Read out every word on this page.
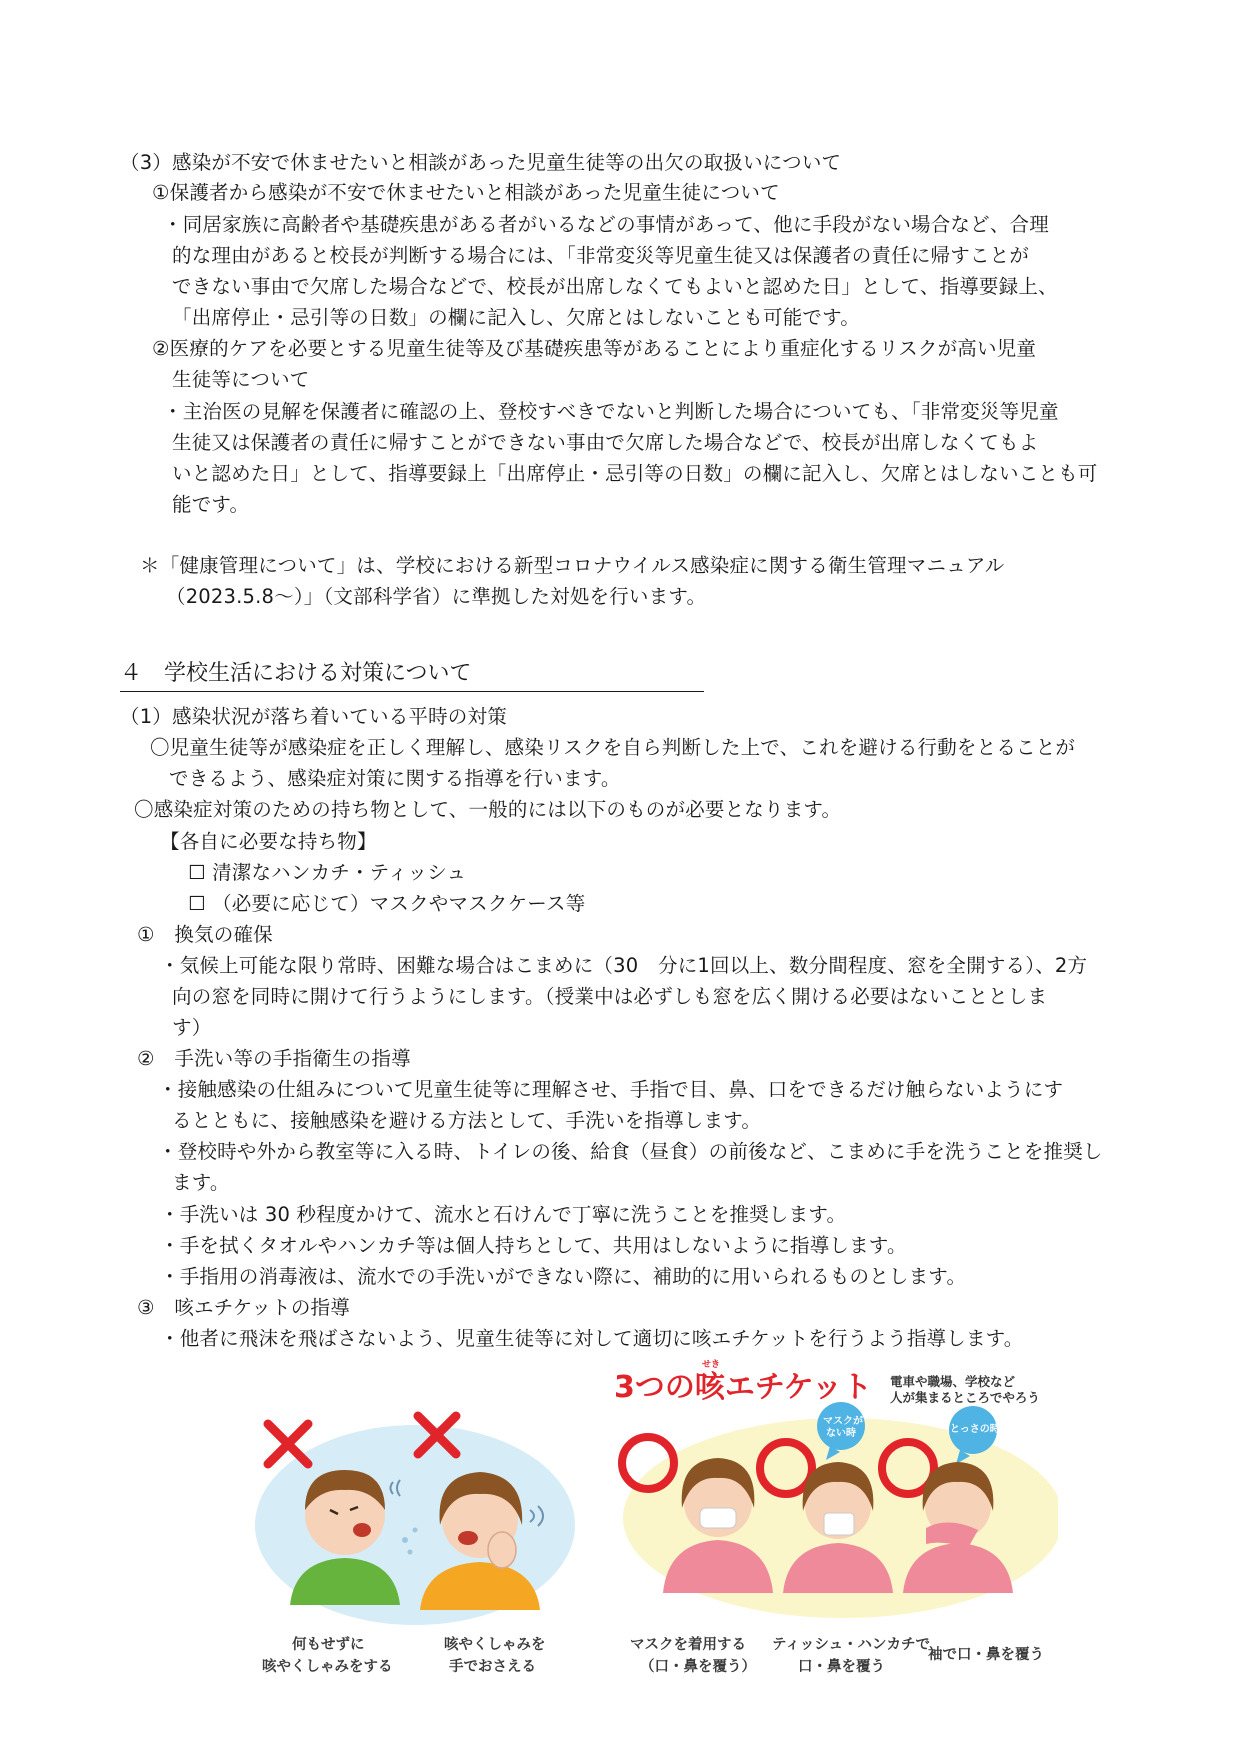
（3）感染が不安で休ませたいと相談があった児童生徒等の出欠の取扱いについて
①保護者から感染が不安で休ませたいと相談があった児童生徒について
・同居家族に高齢者や基礎疾患がある者がいるなどの事情があって、他に手段がない場合など、合理
的な理由があると校長が判断する場合には、「非常変災等児童生徒又は保護者の責任に帰すことが
できない事由で欠席した場合などで、校長が出席しなくてもよいと認めた日」として、指導要録上、
「出席停止・忌引等の日数」の欄に記入し、欠席とはしないことも可能です。
②医療的ケアを必要とする児童生徒等及び基礎疾患等があることにより重症化するリスクが高い児童
生徒等について
・主治医の見解を保護者に確認の上、登校すべきでないと判断した場合についても、「非常変災等児童
生徒又は保護者の責任に帰すことができない事由で欠席した場合などで、校長が出席しなくてもよ
いと認めた日」として、指導要録上「出席停止・忌引等の日数」の欄に記入し、欠席とはしないことも可
能です。
＊「健康管理について」は、学校における新型コロナウイルス感染症に関する衛生管理マニュアル
（2023.5.8～）」（文部科学省）に準拠した対処を行います。
４　学校生活における対策について
（1）感染状況が落ち着いている平時の対策
〇児童生徒等が感染症を正しく理解し、感染リスクを自ら判断した上で、これを避ける行動をとることが
できるよう、感染症対策に関する指導を行います。
〇感染症対策のための持ち物として、一般的には以下のものが必要となります。
【各自に必要な持ち物】
☐ 清潔なハンカチ・ティッシュ
☐ （必要に応じて）マスクやマスクケース等
①　換気の確保
・気候上可能な限り常時、困難な場合はこまめに（30　分に1回以上、数分間程度、窓を全開する）、2方
向の窓を同時に開けて行うようにします。（授業中は必ずしも窓を広く開ける必要はないこととしま
す）
②　手洗い等の手指衛生の指導
・接触感染の仕組みについて児童生徒等に理解させ、手指で目、鼻、口をできるだけ触らないようにす
るとともに、接触感染を避ける方法として、手洗いを指導します。
・登校時や外から教室等に入る時、トイレの後、給食（昼食）の前後など、こまめに手を洗うことを推奨し
ます。
・手洗いは 30 秒程度かけて、流水と石けんで丁寧に洗うことを推奨します。
・手を拭くタオルやハンカチ等は個人持ちとして、共用はしないように指導します。
・手指用の消毒液は、流水での手洗いができない際に、補助的に用いられるものとします。
③　咳エチケットの指導
・他者に飛沫を飛ばさないよう、児童生徒等に対して適切に咳エチケットを行うよう指導します。
3つの咳エチケット
せき
電車や職場、学校など
人が集まるところでやろう
マスクが
ない時	とっさの時
何もせずに
咳やくしゃみをする
咳やくしゃみを
手でおさえる
マスクを着用する
（口・鼻を覆う）
ティッシュ・ハンカチで
口・鼻を覆う
袖で口・鼻を覆う
